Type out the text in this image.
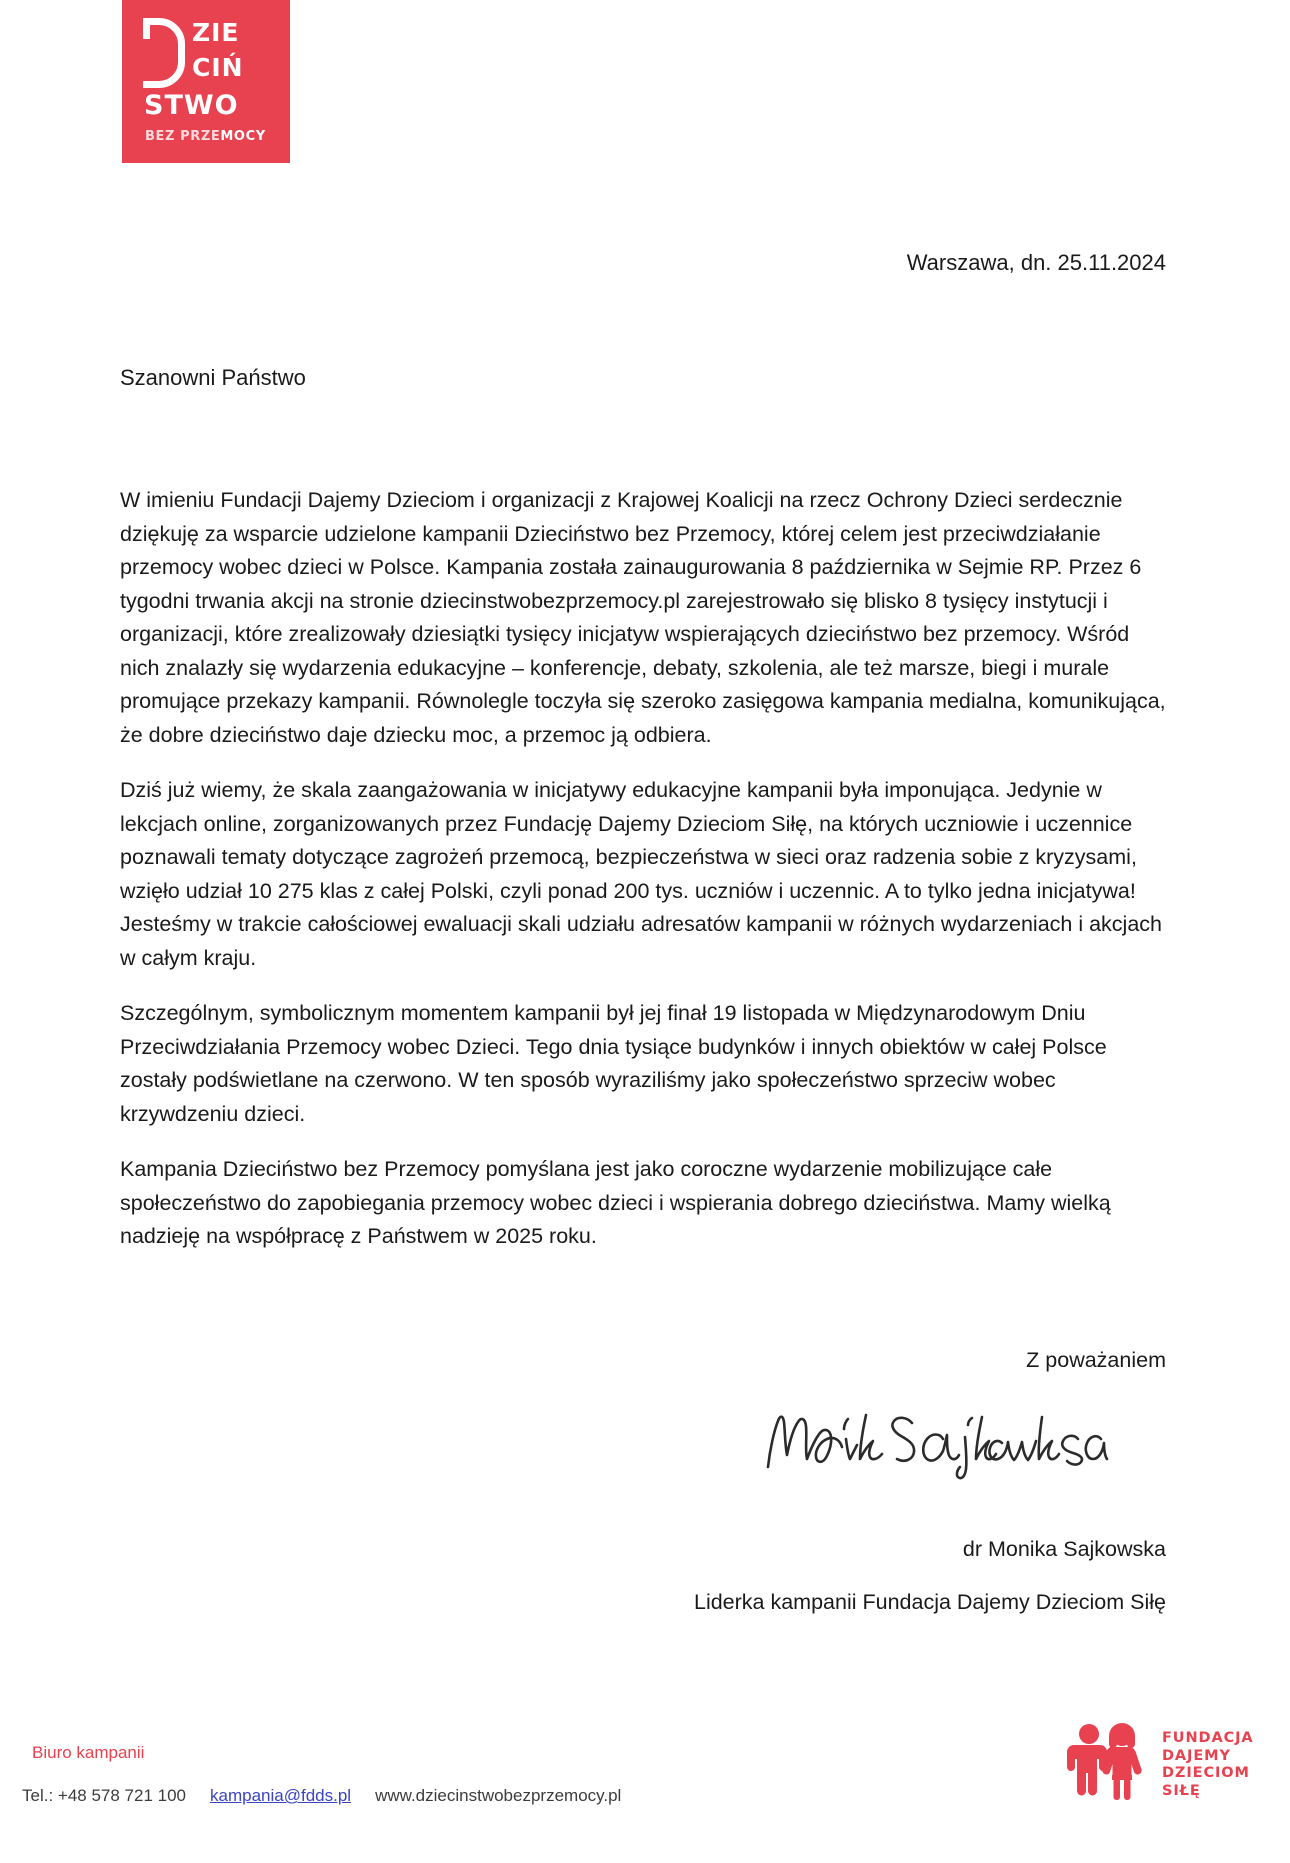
ZIE
CIŃ
STWO
BEZ PRZEMOCY
Warszawa, dn. 25.11.2024
Szanowni Państwo

W imieniu Fundacji Dajemy Dzieciom i organizacji z Krajowej Koalicji na rzecz Ochrony Dzieci serdecznie dziękuję za wsparcie udzielone kampanii Dzieciństwo bez Przemocy, której celem jest przeciwdziałanie przemocy wobec dzieci w Polsce. Kampania została zainaugurowania 8 października w Sejmie RP. Przez 6 tygodni trwania akcji na stronie dziecinstwobezprzemocy.pl zarejestrowało się blisko 8 tysięcy instytucji i organizacji, które zrealizowały dziesiątki tysięcy inicjatyw wspierających dzieciństwo bez przemocy. Wśród nich znalazły się wydarzenia edukacyjne – konferencje, debaty, szkolenia, ale też marsze, biegi i murale promujące przekazy kampanii. Równolegle toczyła się szeroko zasięgowa kampania medialna, komunikująca, że dobre dzieciństwo daje dziecku moc, a przemoc ją odbiera.

Dziś już wiemy, że skala zaangażowania w inicjatywy edukacyjne kampanii była imponująca. Jedynie w lekcjach online, zorganizowanych przez Fundację Dajemy Dzieciom Siłę, na których uczniowie i uczennice poznawali tematy dotyczące zagrożeń przemocą, bezpieczeństwa w sieci oraz radzenia sobie z kryzysami, wzięło udział 10 275 klas z całej Polski, czyli ponad 200 tys. uczniów i uczennic. A to tylko jedna inicjatywa! Jesteśmy w trakcie całościowej ewaluacji skali udziału adresatów kampanii w różnych wydarzeniach i akcjach w całym kraju.

Szczególnym, symbolicznym momentem kampanii był jej finał 19 listopada w Międzynarodowym Dniu Przeciwdziałania Przemocy wobec Dzieci. Tego dnia tysiące budynków i innych obiektów w całej Polsce zostały podświetlane na czerwono. W ten sposób wyraziliśmy jako społeczeństwo sprzeciw wobec krzywdzeniu dzieci.

Kampania Dzieciństwo bez Przemocy pomyślana jest jako coroczne wydarzenie mobilizujące całe społeczeństwo do zapobiegania przemocy wobec dzieci i wspierania dobrego dzieciństwa. Mamy wielką nadzieję na współpracę z Państwem w 2025 roku.

Z poważaniem
dr Monika Sajkowska
Liderka kampanii Fundacja Dajemy Dzieciom Siłę
Biuro kampanii
Tel.: +48 578 721 100 kampania@fdds.pl www.dziecinstwobezprzemocy.pl
FUNDACJA
DAJEMY
DZIECIOM
SIŁĘ
